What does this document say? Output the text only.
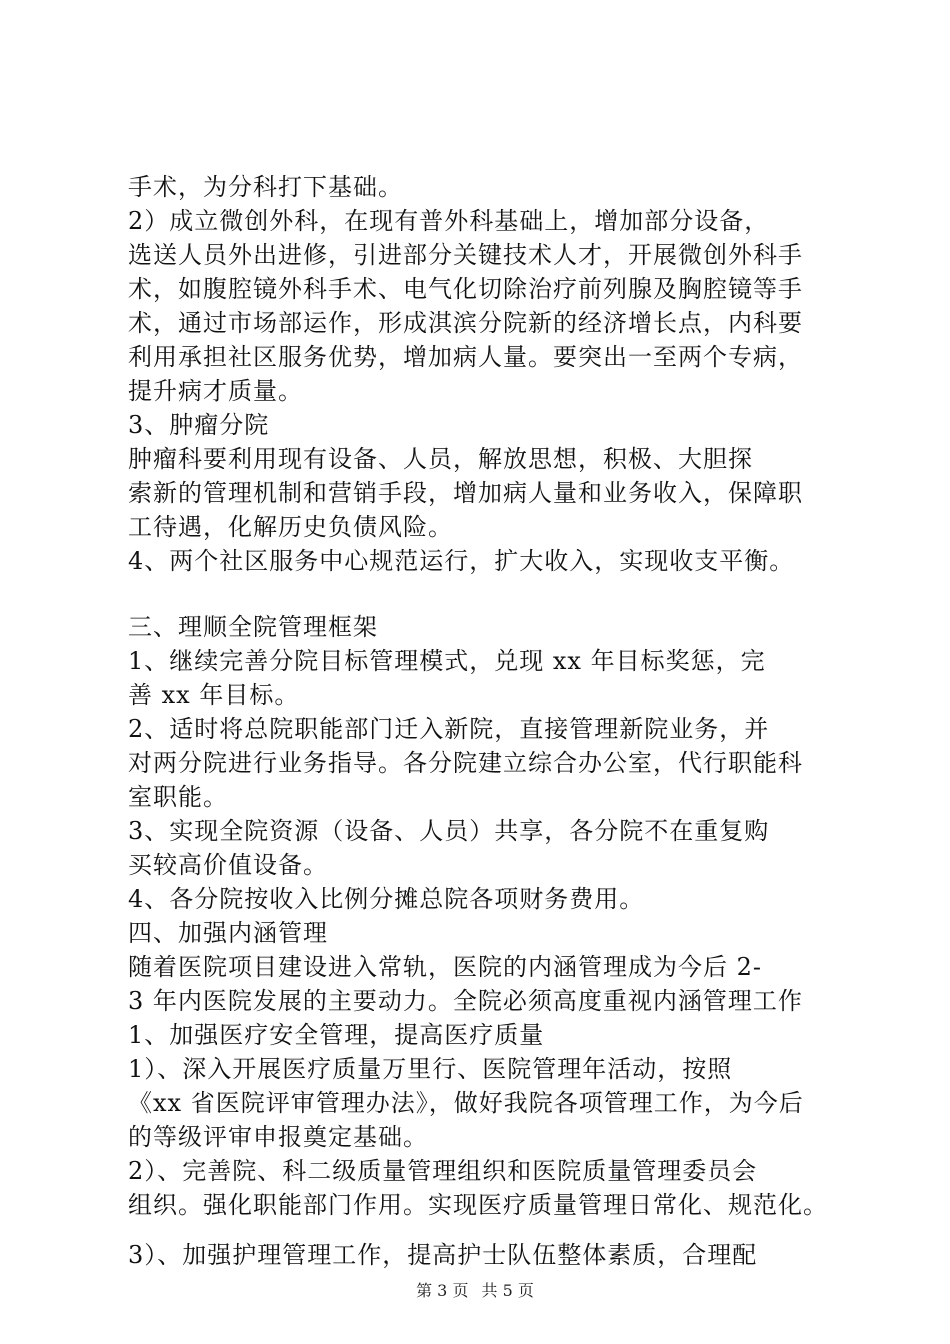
手术，为分科打下基础。
2）成立微创外科，在现有普外科基础上，增加部分设备，
选送人员外出进修，引进部分关键技术人才，开展微创外科手
术，如腹腔镜外科手术、电气化切除治疗前列腺及胸腔镜等手
术，通过市场部运作，形成淇滨分院新的经济增长点，内科要
利用承担社区服务优势，增加病人量。要突出一至两个专病，
提升病才质量。
3、肿瘤分院
肿瘤科要利用现有设备、人员，解放思想，积极、大胆探
索新的管理机制和营销手段，增加病人量和业务收入，保障职
工待遇，化解历史负债风险。
4、两个社区服务中心规范运行，扩大收入，实现收支平衡。
三、理顺全院管理框架
1、继续完善分院目标管理模式，兑现 xx 年目标奖惩，完
善 xx 年目标。
2、适时将总院职能部门迁入新院，直接管理新院业务，并
对两分院进行业务指导。各分院建立综合办公室，代行职能科
室职能。
3、实现全院资源（设备、人员）共享，各分院不在重复购
买较高价值设备。
4、各分院按收入比例分摊总院各项财务费用。
四、加强内涵管理
随着医院项目建设进入常轨，医院的内涵管理成为今后 2-
3 年内医院发展的主要动力。全院必须高度重视内涵管理工作
1、加强医疗安全管理，提高医疗质量
1）、深入开展医疗质量万里行、医院管理年活动，按照
《xx 省医院评审管理办法》，做好我院各项管理工作，为今后
的等级评审申报奠定基础。
2）、完善院、科二级质量管理组织和医院质量管理委员会
组织。强化职能部门作用。实现医疗质量管理日常化、规范化。
3）、加强护理管理工作，提高护士队伍整体素质，合理配
第 3 页 共 5 页
